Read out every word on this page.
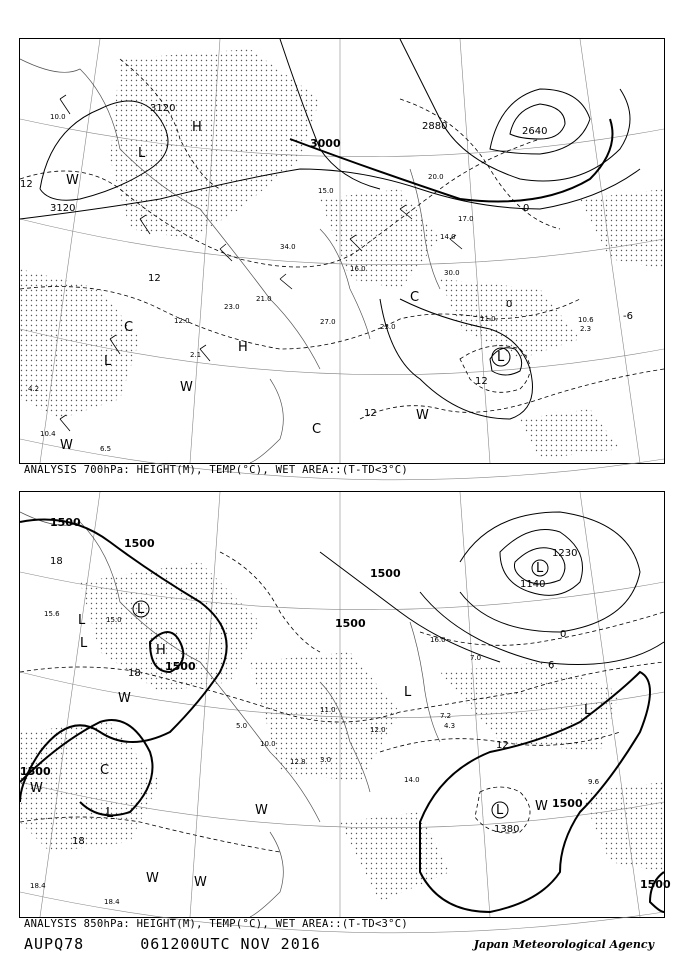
3120
3120
3000
2880	2640
12
12
12
12
0
0
-6
H
H
L
L
W
W
W
C
C
C
W
L
10.0
27.0
23.0
30.0
11.0
14.0
17.0
34.0
15.0
20.0
16.0
21.0
23.0
12.0
2.1
4.2
10.4
6.5
2.3
10.6
ANALYSIS 700hPa: HEIGHT(M), TEMP(°C), WET AREA::(T-TD<3°C)
1500
1500
1500
1500
1500
1500
1500
1380
1230
1140
1500
18
18
12
6
0
18
L
H
L
L
W
W
W
W	W
C
L
W
L
L
L
L
15.6
15.0
10.0
12.0
14.0
18.4
16.0
7.0
11.0
4.3
7.2
9.6
18.4
12.8 3.0
5.0
ANALYSIS 850hPa: HEIGHT(M), TEMP(°C), WET AREA::(T-TD<3°C)
AUPQ78	061200UTC NOV 2016	Japan Meteorological Agency
